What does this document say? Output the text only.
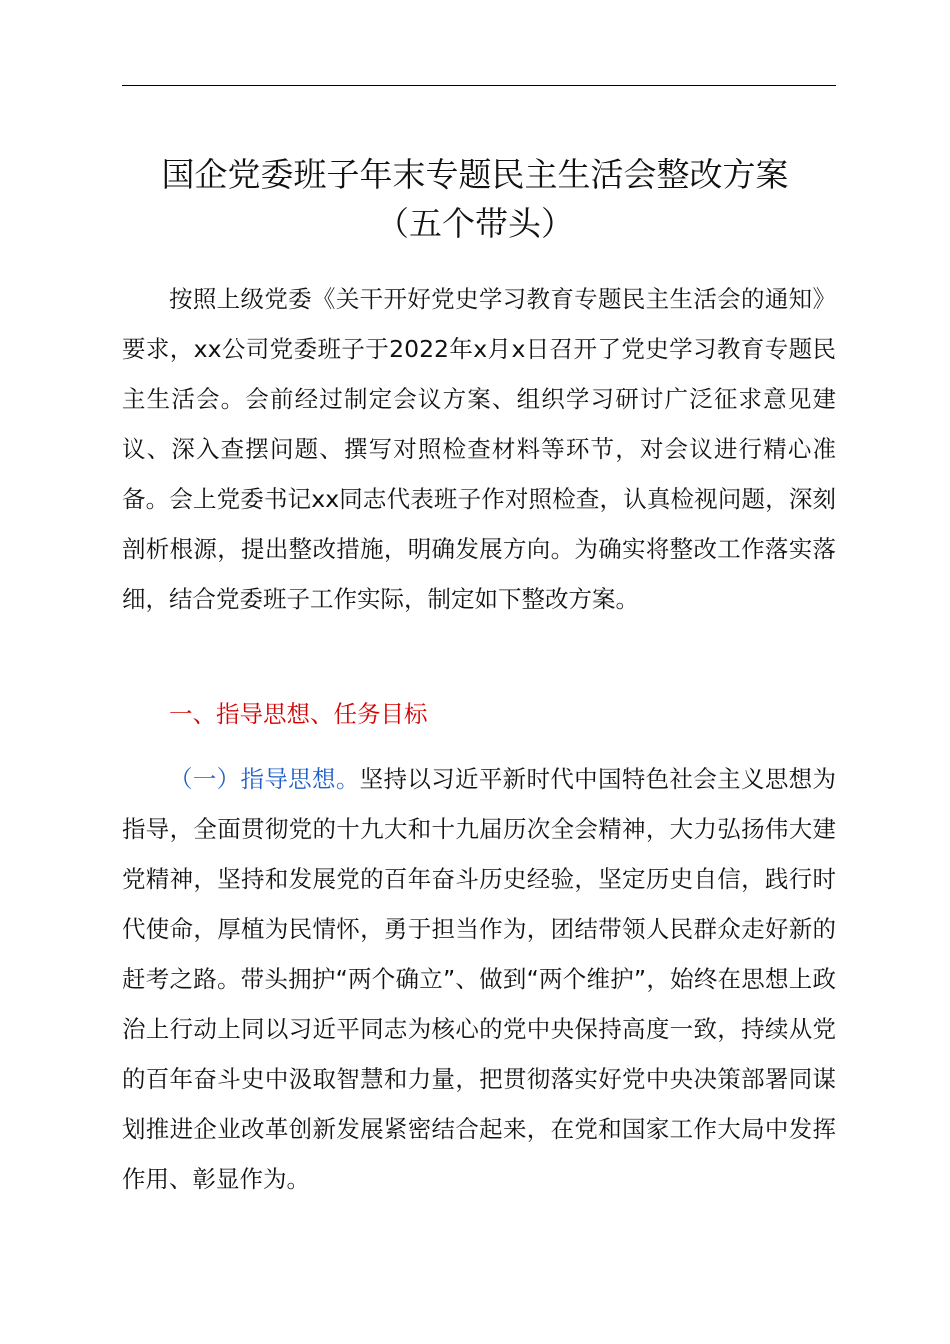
国企党委班子年末专题民主生活会整改方案
（五个带头）

按照上级党委《关干开好党史学习教育专题民主生活会的通知》要求，xx公司党委班子于2022年x月x日召开了党史学习教育专题民主生活会。会前经过制定会议方案、组织学习研讨广泛征求意见建议、深入查摆问题、撰写对照检查材料等环节，对会议进行精心准备。会上党委书记xx同志代表班子作对照检查，认真检视问题，深刻剖析根源，提出整改措施，明确发展方向。为确实将整改工作落实落细，结合党委班子工作实际，制定如下整改方案。

一、指导思想、任务目标

（一）指导思想。坚持以习近平新时代中国特色社会主义思想为指导，全面贯彻党的十九大和十九届历次全会精神，大力弘扬伟大建党精神，坚持和发展党的百年奋斗历史经验，坚定历史自信，践行时代使命，厚植为民情怀，勇于担当作为，团结带领人民群众走好新的赶考之路。带头拥护“两个确立”、做到“两个维护”，始终在思想上政治上行动上同以习近平同志为核心的党中央保持高度一致，持续从党的百年奋斗史中汲取智慧和力量，把贯彻落实好党中央决策部署同谋划推进企业改革创新发展紧密结合起来，在党和国家工作大局中发挥作用、彰显作为。
